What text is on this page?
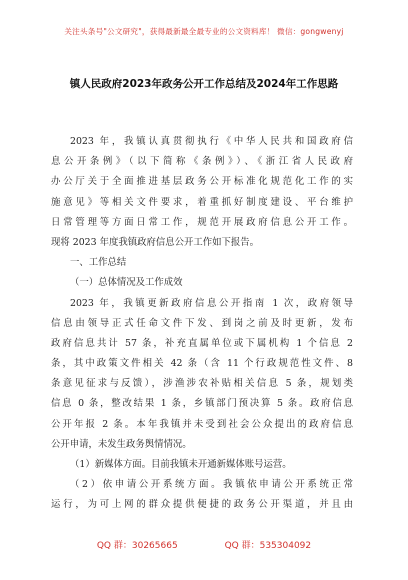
关注头条号"公文研究"，获得最新最全最专业的公文资料库！ 微信：gongwenyj
镇人民政府2023年政务公开工作总结及2024年工作思路
2023 年，我镇认真贯彻执行《中华人民共和国政府信
息公开条例》（以下简称《条例》）、《浙江省人民政府
办公厅关于全面推进基层政务公开标准化规范化工作的实
施意见》等相关文件要求，着重抓好制度建设、平台维护
日常管理等方面日常工作，规范开展政府信息公开工作。
现将 2023 年度我镇政府信息公开工作如下报告。
一、工作总结
（一）总体情况及工作成效
2023 年，我镇更新政府信息公开指南 1 次，政府领导
信息由领导正式任命文件下发、到岗之前及时更新，发布
政府信息共计 57 条，补充直属单位或下属机构 1 个信息 2
条，其中政策文件相关 42 条（含 11 个行政规范性文件、8
条意见征求与反馈），涉渔涉农补贴相关信息 5 条，规划类
信息 0 条，整改结果 1 条，乡镇部门预决算 5 条。政府信息
公开年报 2 条。本年我镇并未受到社会公众提出的政府信息
公开申请，未发生政务舆情情况。
（1）新媒体方面。目前我镇未开通新媒体账号运营。
（2）依申请公开系统方面。我镇依申请公开系统正常
运行，为可上网的群众提供便捷的政务公开渠道，并且由
QQ 群：30265665	QQ 群：535304092
